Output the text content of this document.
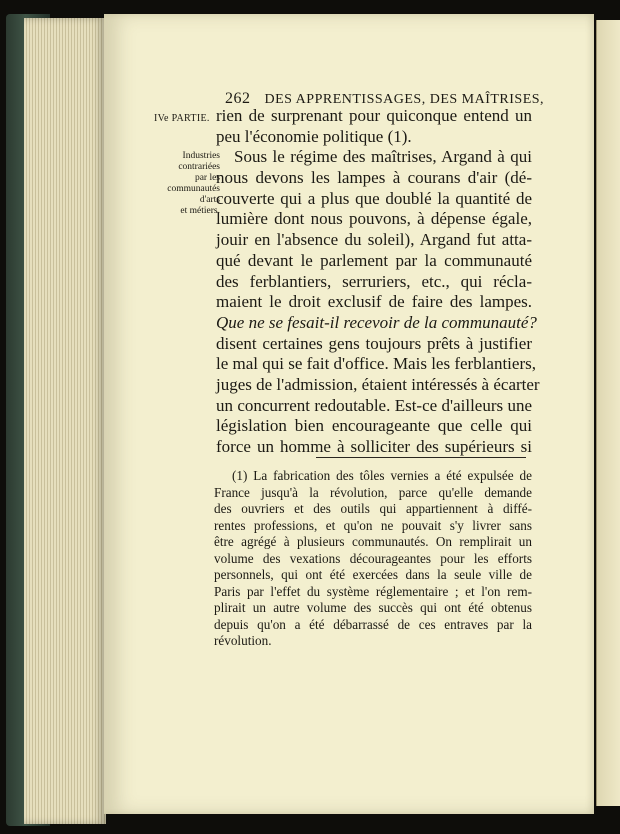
262 DES APPRENTISSAGES, DES MAÎTRISES,
IVe PARTIE.
Industries
contrariées
par les
communautés
d'arts
et métiers.
rien de surprenant pour quiconque entend un
peu l'économie politique (1).
Sous le régime des maîtrises, Argand à qui
nous devons les lampes à courans d'air (dé-
couverte qui a plus que doublé la quantité de
lumière dont nous pouvons, à dépense égale,
jouir en l'absence du soleil), Argand fut atta-
qué devant le parlement par la communauté
des ferblantiers, serruriers, etc., qui récla-
maient le droit exclusif de faire des lampes.
Que ne se fesait-il recevoir de la communauté?
disent certaines gens toujours prêts à justifier
le mal qui se fait d'office. Mais les ferblantiers,
juges de l'admission, étaient intéressés à écarter
un concurrent redoutable. Est-ce d'ailleurs une
législation bien encourageante que celle qui
force un homme à solliciter des supérieurs si
(1) La fabrication des tôles vernies a été expulsée de
France jusqu'à la révolution, parce qu'elle demande
des ouvriers et des outils qui appartiennent à diffé-
rentes professions, et qu'on ne pouvait s'y livrer sans
être agrégé à plusieurs communautés. On remplirait un
volume des vexations décourageantes pour les efforts
personnels, qui ont été exercées dans la seule ville de
Paris par l'effet du système réglementaire ; et l'on rem-
plirait un autre volume des succès qui ont été obtenus
depuis qu'on a été débarrassé de ces entraves par la
révolution.
